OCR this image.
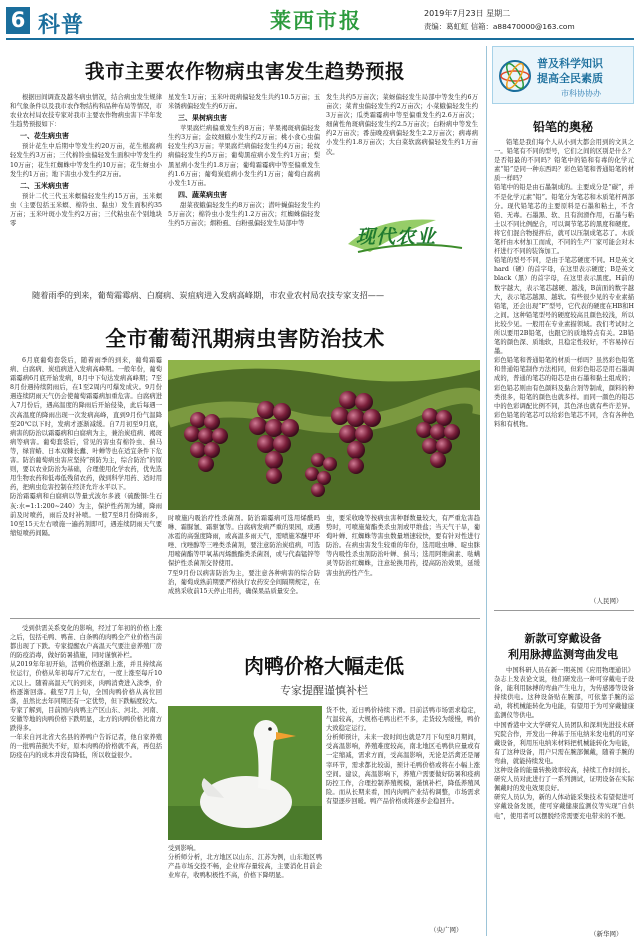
6 科普	莱西市报	2019年7月23日 星期二
责编：葛虹虹 信箱：a88470000@163.com
我市主要农作物病虫害发生趋势预报

根据田间调查及越冬病虫情况，结合病虫发生规律和气象条件以及我市农作物结构和品种布局等情况，市农业农村局农技专家对我市主要农作物病虫害下半年发生趋势预报如下：

一、花生病虫害

预计花生中后期中等发生约20万亩，花生根腐病轻发生约3万亩；三代棉铃虫偏轻发生面积中等发生约10万亩；花生红蜘蛛中等发生约10万亩；花生蚜虫小发生约1万亩；地下害虫小发生约2万亩。

二、玉米病虫害

预计二代三代玉米螟偏轻发生约15万亩，玉米螟虫（主要包括玉米螟、棉铃虫、黏虫）发生面积约35万亩；玉米叶斑小发生约2万亩；三代粘虫在个别地块零

星发生1万亩；玉米叶斑病偏轻发生共约10.5万亩；玉米锈病偏轻发生约6万亩。

三、果树病虫害

苹果腐烂病偏重发生约8万亩；苹果褐斑病偏轻发生约3万亩；金纹细蛾小发生约2万亩；桃小食心虫偏轻发生约3万亩；苹果腐烂病偏轻发生约4万亩；轮纹病偏轻发生约5万亩；葡萄黑痘病小发生约1万亩；梨黑星病小发生约1.8万亩；葡萄霜霉病中等至偏重发生约1.6万亩；葡萄炭疽病小发生约1万亩；葡萄白腐病小发生1万亩。

四、蔬菜病虫害

甜菜夜蛾偏轻发生约8万亩次；潜叶蝇偏轻发生约5万亩次；棉铃虫小发生约1.2万亩次；红蜘蛛偏轻发生约5万亩次；烟粉虱、白粉虱偏轻发生局部中等

发生共约5万亩次；菜蚜偏轻发生局部中等发生约6万亩次；菜青虫偏轻发生约2万亩次；小菜蛾偏轻发生约3万亩次；瓜类霜霉病中等至偏重发生约2.6万亩次；细菌性角斑病偏轻发生约2.5万亩次；白粉病中等发生约2万亩次；番茄晚疫病偏轻发生2.2万亩次；病毒病小发生约1.8万亩次；大白菜软腐病偏轻发生约1万亩次。

现代农业
普及科学知识
提高全民素质
市科协协办
铅笔的奥秘

铅笔是我们每个人从小到大都会用到的文具之一。铅笔有不同的型号，它们之间的区别是什么？是否铅最的不同吗？铅笔中的铅和有毒的化学元素“铅”是同一种东西吗？彩色铅笔和普通铅笔的材质一样吗？
铅笔中的铅是由石墨制成的。主要成分是“碳”，并不是化学元素“铅”。铅笔分为笔芯和木质笔杆两部分。现代铅笔芯的主要原料是石墨和粘土，不含铅、无毒。石墨黑、软、且有润滑作用，石墨与粘土以不同比例配合，可以调节笔芯的黑度和硬度。将它们混合物搅拌后，就可以压制成笔芯了。木质笔杆由木材加工而成，不同的生产厂家可能会对木杆进行不同的装饰加工。
铅笔的型号不同，是由于笔芯硬度不同。H是英文hard（硬）的首字母，在这里表示硬度；B是英文black（黑）的首字母，在这里表示黑度。H前的数字越大，表示笔芯越硬、越浅，B前面的数字越大，表示笔芯越黑、越软。有些很少见的专业素描铅笔，还会出现“F”型号，它代表的硬度在HB和H之间。这种铅笔型号的硬度较高且颜色较浅，所以比较少见。一般用在专业素描领域。我们考试时之所以要用2B铅笔，也跟它的质地特点有关。2B铅笔的颜色深、质地软，且稳定性较好，不容易掉石墨。
彩色铅笔和普通铅笔的材质一样吗？虽然彩色铅笔和普通铅笔制作方法相同，但彩色铅芯是用石墨调成的，普通的笔芯的铅芯是由石墨和黏土组成的；彩色铅芯则由有色颜料及黏合剂等制成，颜料的种类很多，铅笔的颜色也就多样。而同一颜色的铅芯中的色彩调配比例不同，其色泽也就有些许差异。彩色铅笔的笔芯可以给彩色笔芯不同，含有各种色料和有机物。

（人民网）
新款可穿戴设备
利用脉搏监测弯曲发电

中国科研人员在新一期英国《应用物理通讯》杂志上发表论文说，他们研发出一种可穿戴电子设备，能利用脉搏的弯曲产生电力，为传感器等设备持续供电。这种设备贴在腕部，可依靠手腕的运动，将机械能转化为电能，有望用于为可穿戴健康监测仪等供电。
中国香港中文大学研究人员团队和深圳先进技术研究院合作，开发出一种基于压电纳米发电机的可穿戴设备，利用压电纳米材料把机械能转化为电能，有了这种设备，用户只需在腕部佩戴，随着手腕的弯曲，就能持续发电。
这种设备的能量转换效率较高，持续工作时间长。研究人员对此进行了一系列测试，证明设备在实际佩戴时的发电效果良好。
研究人员认为，新的人体动能采集技术有望促进可穿戴设备发展，使可穿戴健康监测仪等实现“自供电”，使用者可以摆脱经常需要充电带来的不便。

（新华网）
随着雨季的到来，葡萄霜霉病、白腐病、炭疽病进入发病高峰期，市农业农村局农技专家支招——
全市葡萄汛期病虫害防治技术

6月底葡萄套袋后，随着雨季的到来，葡萄霜霉病、白腐病、炭疽病进入发病高峰期。一般年份，葡萄霜霉病6月底开始发病，8月中下旬达发病高峰期；7至8月份遇持续阴雨后，在1至2周内可爆发成灾。9月份遇连续阴雨天气仍会使葡萄霜霉病加重危害。白腐病进入7月份后，遇高温度的降雨后开始侵染，此后每遇一次高温度的降雨出现一次发病高峰，直到9月份气温降至20℃以下时，发病才逐渐减缓。自7月初至9月底，病害的防治以霜霉病和白腐病为主，兼治炭疽病、褐斑病等病害。葡萄套袋后，常见的害虫有棉铃虫、蓟马等，绿盲蝽、日本双棘长蠹、叶蝉等也在适宜条件下危害。防治葡萄病虫害应坚持“预防为主，综合防治”的原则，要以农业防治为基础，合理使用化学农药，优先选用生物农药和低毒低残留农药，做到科学用药、适时用药，把病虫危害控制在经济允许水平以下。
防治霜霉病和白腐病以等量式波尔多液（硫酸铜:生石灰:水=1:1:200~240）为主，保护性药剂为辅，降雨前及时喷药，雨后及时补喷。一般7至8月份降雨多，10至15天左右喷施一遍药剂即可，遇连续阴雨天气要缩短喷药间隔。

时喷施内吸治疗性杀菌剂。防治霜霉病可选用烯酰吗啉、霜脲氰、霜驱氰等。白腐病发病严重的果园，或遇冰雹的高强度降雨，或高温多雨天气，需喷施苯醚甲环唑、戊唑醇等三唑类杀菌剂，要注意防治炭疽病，可选用嘧菌酯等甲氧基丙烯酸酯类杀菌剂，或与代森锰锌等保护性杀菌剂交替使用。
7至9月份以病害防治为主，要注意各种病害的综合防治，葡萄成熟前期要严格执行农药安全间隔期规定，在成熟采收前15天停止用药，确保果品质量安全。

虫，要采收晚等按病虫害种群数量较大，有严重危害趋势时，可喷施菊酯类杀虫剂或甲维盐；当天气干旱，葡萄叶蝉、红蜘蛛等害虫数量增速较快，要有针对性进行防治。在病虫害发生较重的年份，选用吡虫啉、啶虫脒等内吸性杀虫剂防治叶蝉、蓟马；选用阿维菌素、哒螨灵等防治红蜘蛛，注意轮换用药，提高防治效果，延缓害虫抗药性产生。

受到供需关系变化的影响，经过了年初的价格上涨之后，包括毛鸭、鸭苗、白条鸭的肉鸭全产业价格当前都出现了下跌。专家提醒农户高温天气要注意养殖厂房的防疫消毒，做好防暑措施，同时谨慎补栏。
从2019年年初开始，活鸭价格逐渐上涨，并且持续高位运行，价格从年初每斤7元左右，一度上涨至每斤10元以上。随着高温天气的到来，肉鸭消费进入淡季，价格逐渐回落。截至7月上旬，全国肉鸭价格从高位回落，虽然比去年同期还有一定优势，但下跌幅度较大。
专家了解到，目前国内肉鸭主产区山东、河北、河南、安徽等地的肉鸭价格下跌明显，北方的肉鸭价格比南方跌得多。
一年来自河北省大名县的养鸭户告诉记者，他自家养殖的一批鸭苗损失不好，原本肉鸭的价格就不高，再包括防疫在内的成本并没有降低，所以收益很少。

肉鸭价格大幅走低
专家提醒谨慎补栏

受到影响。
分析师分析，北方地区以山东、江苏为例，山东地区鸭产品市场交投不畅，企业库存量较高，主要消化目前企业库存，收鸭积极性不高，价格下降明显。

货不快，近日鸭价持续下滑。目前活鸭市场需求稳定，气温较高，大规格毛鸭出栏不多，走货较为缓慢，鸭价大致稳定运行。
分析师预计，未来一段时间也就是7月下旬至8月期间，受高温影响，养殖难度较高，南北地区毛鸭供应量或有一定缩减，需求方面，受高温影响，无论是活禽还是屠宰环节，需求都比较弱，预计毛鸭价格或将在小幅上涨空间。建议，高温影响下，养殖户需要做好防暑和疫病防控工作，合理控制养殖规模，谨慎补栏，降低养殖风险。而从长期来看，国内肉鸭产业结构调整，市场需求有望逐步回暖。鸭产品价格或将逐步企稳回升。

（央广网）
